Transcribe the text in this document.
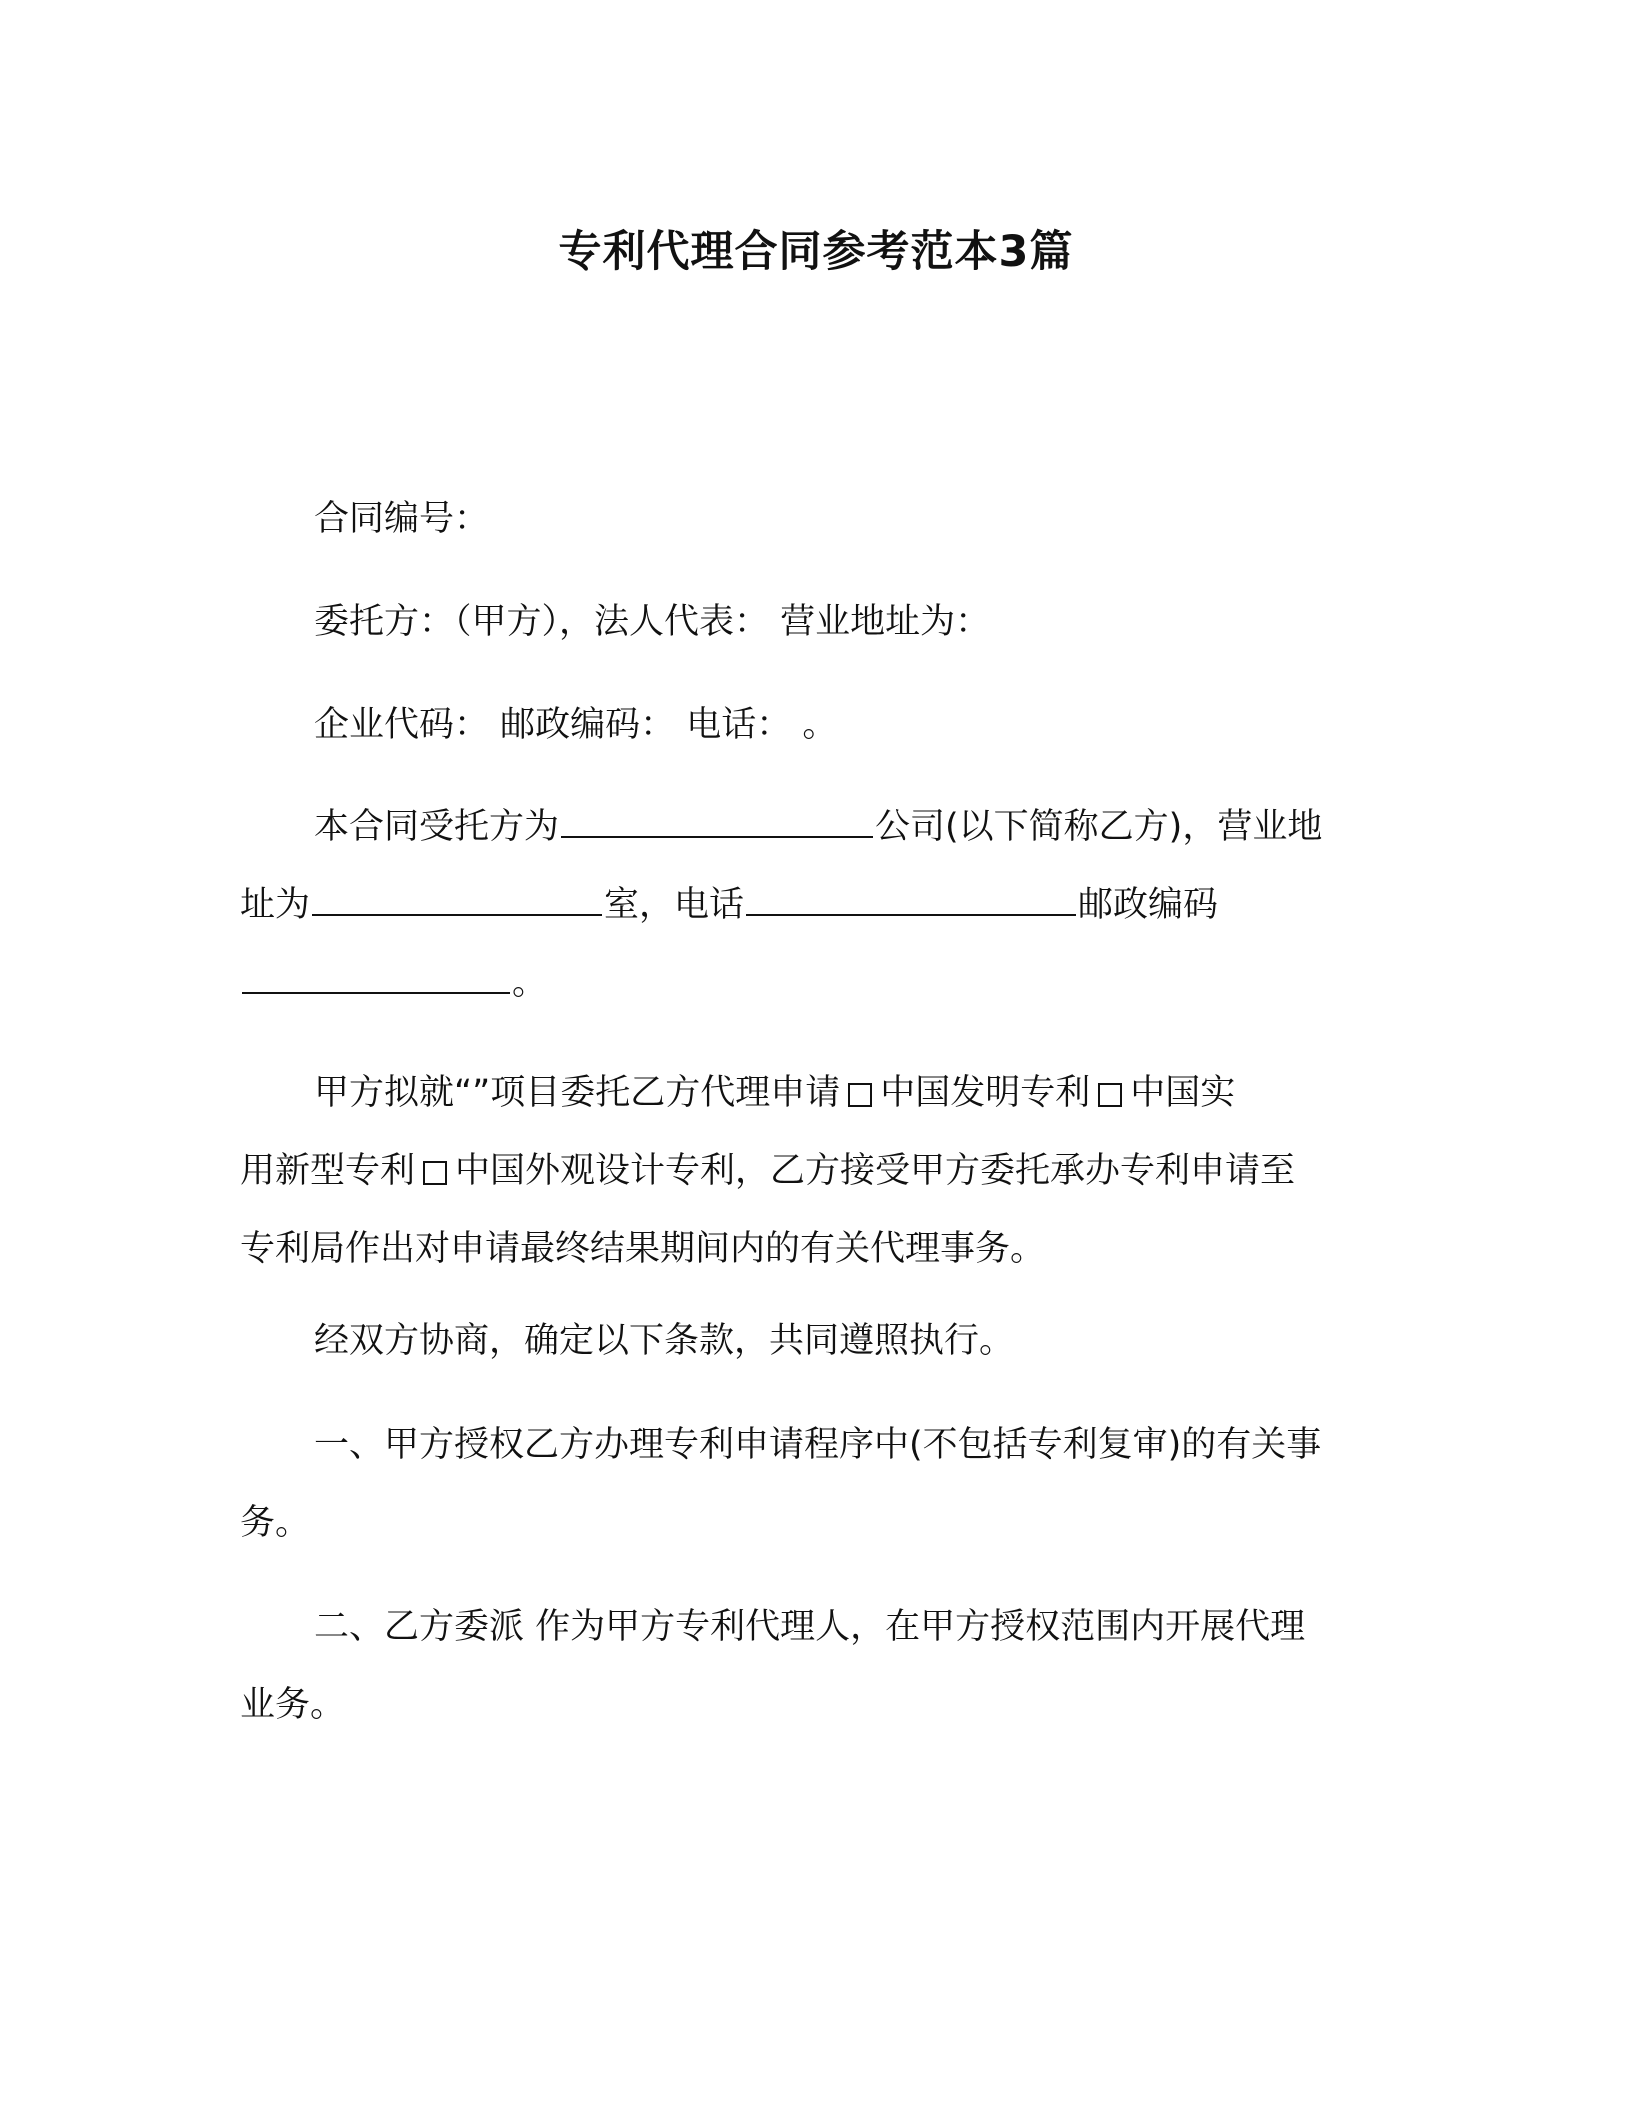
专利代理合同参考范本3篇
合同编号：
委托方：（甲方），法人代表： 营业地址为：
企业代码： 邮政编码： 电话： 。
本合同受托方为	公司(以下简称乙方)，营业地
址为	室，电话	邮政编码
。
甲方拟就“”项目委托乙方代理申请 中国发明专利 中国实
用新型专利 中国外观设计专利，乙方接受甲方委托承办专利申请至
专利局作出对申请最终结果期间内的有关代理事务。
经双方协商，确定以下条款，共同遵照执行。
一、甲方授权乙方办理专利申请程序中(不包括专利复审)的有关事
务。
二、乙方委派 作为甲方专利代理人，在甲方授权范围内开展代理
业务。
